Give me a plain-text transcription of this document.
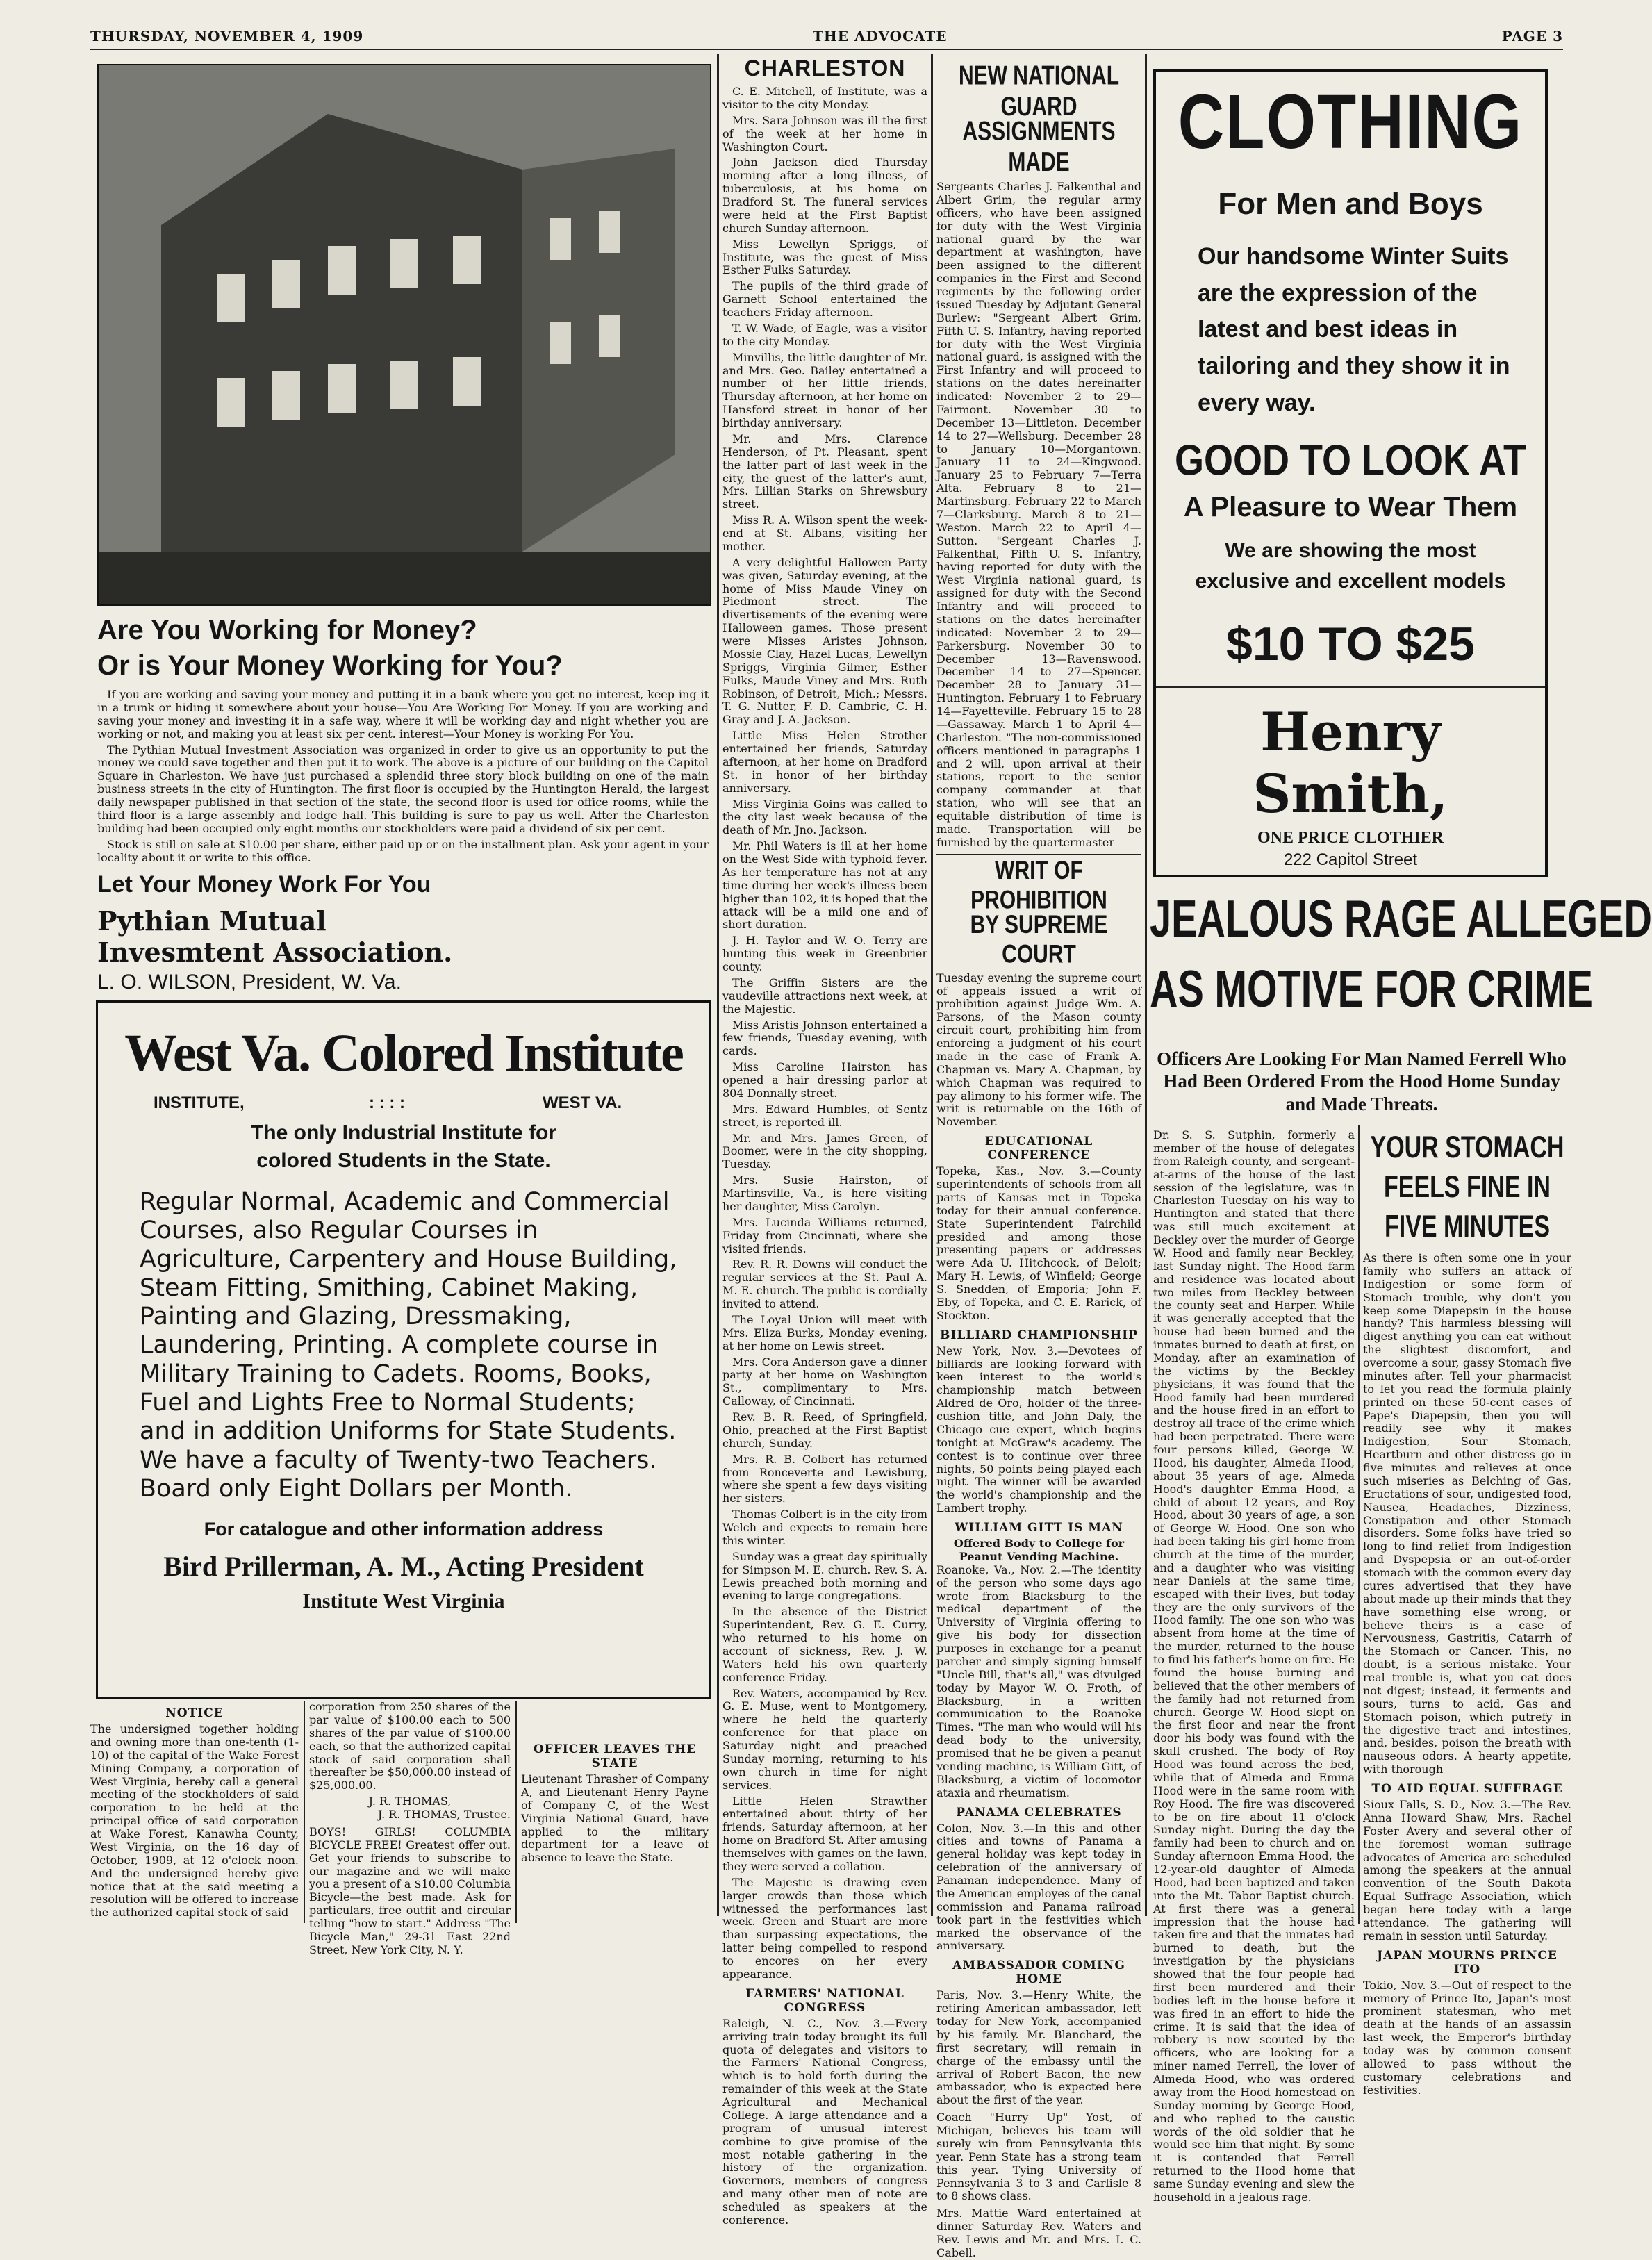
THURSDAY, NOVEMBER 4, 1909	THE ADVOCATE	PAGE 3
Are You Working for Money?
Or is Your Money Working for You?

If you are working and saving your money and putting it in a bank where you get no interest, keep ing it in a trunk or hiding it somewhere about your house—You Are Working For Money. If you are working and saving your money and investing it in a safe way, where it will be working day and night whether you are working or not, and making you at least six per cent. interest—Your Money is working For You.

The Pythian Mutual Investment Association was organized in order to give us an opportunity to put the money we could save together and then put it to work. The above is a picture of our building on the Capitol Square in Charleston. We have just purchased a splendid three story block building on one of the main business streets in the city of Huntington. The first floor is occupied by the Huntington Herald, the largest daily newspaper published in that section of the state, the second floor is used for office rooms, while the third floor is a large assembly and lodge hall. This building is sure to pay us well. After the Charleston building had been occupied only eight months our stockholders were paid a dividend of six per cent.

Stock is still on sale at $10.00 per share, either paid up or on the installment plan. Ask your agent in your locality about it or write to this office.

Let Your Money Work For You
Pythian Mutual
Invesmtent Association.
L. O. WILSON, President, W. Va.
West Va. Colored Institute
INSTITUTE,	: : : :	WEST VA.
The only Industrial Institute for
colored Students in the State.
Regular Normal, Academic and Commercial Courses, also Regular Courses in Agriculture, Carpentery and House Building, Steam Fitting, Smithing, Cabinet Making, Painting and Glazing, Dressmaking, Laundering, Printing. A complete course in Military Training to Cadets. Rooms, Books, Fuel and Lights Free to Normal Students; and in addition Uniforms for State Students. We have a faculty of Twenty-two Teachers. Board only Eight Dollars per Month.
For catalogue and other information address
Bird Prillerman, A. M., Acting President
Institute West Virginia
NOTICE
The undersigned together holding and owning more than one-tenth (1-10) of the capital of the Wake Forest Mining Company, a corporation of West Virginia, hereby call a general meeting of the stockholders of said corporation to be held at the principal office of said corporation at Wake Forest, Kanawha County, West Virginia, on the 16 day of October, 1909, at 12 o'clock noon. And the undersigned hereby give notice that at the said meeting a resolution will be offered to increase the authorized capital stock of said
corporation from 250 shares of the par value of $100.00 each to 500 shares of the par value of $100.00 each, so that the authorized capital stock of said corporation shall thereafter be $50,000.00 instead of $25,000.00.
J. R. THOMAS,
J. R. THOMAS, Trustee.
BOYS! GIRLS! COLUMBIA BICYCLE FREE! Greatest offer out. Get your friends to subscribe to our magazine and we will make you a present of a $10.00 Columbia Bicycle—the best made. Ask for particulars, free outfit and circular telling "how to start." Address "The Bicycle Man," 29-31 East 22nd Street, New York City, N. Y.
OFFICER LEAVES THE STATE
Lieutenant Thrasher of Company A, and Lieutenant Henry Payne of Company C, of the West Virginia National Guard, have applied to the military department for a leave of absence to leave the State.
CHARLESTON

C. E. Mitchell, of Institute, was a visitor to the city Monday.

Mrs. Sara Johnson was ill the first of the week at her home in Washington Court.

John Jackson died Thursday morning after a long illness, of tuberculosis, at his home on Bradford St. The funeral services were held at the First Baptist church Sunday afternoon.

Miss Lewellyn Spriggs, of Institute, was the guest of Miss Esther Fulks Saturday.

The pupils of the third grade of Garnett School entertained the teachers Friday afternoon.

T. W. Wade, of Eagle, was a visitor to the city Monday.

Minvillis, the little daughter of Mr. and Mrs. Geo. Bailey entertained a number of her little friends, Thursday afternoon, at her home on Hansford street in honor of her birthday anniversary.

Mr. and Mrs. Clarence Henderson, of Pt. Pleasant, spent the latter part of last week in the city, the guest of the latter's aunt, Mrs. Lillian Starks on Shrewsbury street.

Miss R. A. Wilson spent the week-end at St. Albans, visiting her mother.

A very delightful Hallowen Party was given, Saturday evening, at the home of Miss Maude Viney on Piedmont street. The divertisements of the evening were Halloween games. Those present were Misses Aristes Johnson, Mossie Clay, Hazel Lucas, Lewellyn Spriggs, Virginia Gilmer, Esther Fulks, Maude Viney and Mrs. Ruth Robinson, of Detroit, Mich.; Messrs. T. G. Nutter, F. D. Cambric, C. H. Gray and J. A. Jackson.

Little Miss Helen Strother entertained her friends, Saturday afternoon, at her home on Bradford St. in honor of her birthday anniversary.

Miss Virginia Goins was called to the city last week because of the death of Mr. Jno. Jackson.

Mr. Phil Waters is ill at her home on the West Side with typhoid fever. As her temperature has not at any time during her week's illness been higher than 102, it is hoped that the attack will be a mild one and of short duration.

J. H. Taylor and W. O. Terry are hunting this week in Greenbrier county.

The Griffin Sisters are the vaudeville attractions next week, at the Majestic.

Miss Aristis Johnson entertained a few friends, Tuesday evening, with cards.

Miss Caroline Hairston has opened a hair dressing parlor at 804 Donnally street.

Mrs. Edward Humbles, of Sentz street, is reported ill.

Mr. and Mrs. James Green, of Boomer, were in the city shopping, Tuesday.

Mrs. Susie Hairston, of Martinsville, Va., is here visiting her daughter, Miss Carolyn.

Mrs. Lucinda Williams returned, Friday from Cincinnati, where she visited friends.

Rev. R. R. Downs will conduct the regular services at the St. Paul A. M. E. church. The public is cordially invited to attend.

The Loyal Union will meet with Mrs. Eliza Burks, Monday evening, at her home on Lewis street.

Mrs. Cora Anderson gave a dinner party at her home on Washington St., complimentary to Mrs. Calloway, of Cincinnati.

Rev. B. R. Reed, of Springfield, Ohio, preached at the First Baptist church, Sunday.

Mrs. R. B. Colbert has returned from Ronceverte and Lewisburg, where she spent a few days visiting her sisters.

Thomas Colbert is in the city from Welch and expects to remain here this winter.

Sunday was a great day spiritually for Simpson M. E. church. Rev. S. A. Lewis preached both morning and evening to large congregations.

In the absence of the District Superintendent, Rev. G. E. Curry, who returned to his home on account of sickness, Rev. J. W. Waters held his own quarterly conference Friday.

Rev. Waters, accompanied by Rev. G. E. Muse, went to Montgomery, where he held the quarterly conference for that place on Saturday night and preached Sunday morning, returning to his own church in time for night services.

Little Helen Strawther entertained about thirty of her friends, Saturday afternoon, at her home on Bradford St. After amusing themselves with games on the lawn, they were served a collation.

The Majestic is drawing even larger crowds than those which witnessed the performances last week. Green and Stuart are more than surpassing expectations, the latter being compelled to respond to encores on her every appearance.

FARMERS' NATIONAL CONGRESS
Raleigh, N. C., Nov. 3.—Every arriving train today brought its full quota of delegates and visitors to the Farmers' National Congress, which is to hold forth during the remainder of this week at the State Agricultural and Mechanical College. A large attendance and a program of unusual interest combine to give promise of the most notable gathering in the history of the organization. Governors, members of congress and many other men of note are scheduled as speakers at the conference.
NEW NATIONAL GUARD
ASSIGNMENTS MADE
Sergeants Charles J. Falkenthal and Albert Grim, the regular army officers, who have been assigned for duty with the West Virginia national guard by the war department at washington, have been assigned to the different companies in the First and Second regiments by the following order issued Tuesday by Adjutant General Burlew: "Sergeant Albert Grim, Fifth U. S. Infantry, having reported for duty with the West Virginia national guard, is assigned with the First Infantry and will proceed to stations on the dates hereinafter indicated: November 2 to 29—Fairmont. November 30 to December 13—Littleton. December 14 to 27—Wellsburg. December 28 to January 10—Morgantown. January 11 to 24—Kingwood. January 25 to February 7—Terra Alta. February 8 to 21—Martinsburg. February 22 to March 7—Clarksburg. March 8 to 21—Weston. March 22 to April 4—Sutton. "Sergeant Charles J. Falkenthal, Fifth U. S. Infantry, having reported for duty with the West Virginia national guard, is assigned for duty with the Second Infantry and will proceed to stations on the dates hereinafter indicated: November 2 to 29—Parkersburg. November 30 to December 13—Ravenswood. December 14 to 27—Spencer. December 28 to January 31—Huntington. February 1 to February 14—Fayetteville. February 15 to 28—Gassaway. March 1 to April 4—Charleston. "The non-commissioned officers mentioned in paragraphs 1 and 2 will, upon arrival at their stations, report to the senior company commander at that station, who will see that an equitable distribution of time is made. Transportation will be furnished by the quartermaster
WRIT OF PROHIBITION
BY SUPREME COURT
Tuesday evening the supreme court of appeals issued a writ of prohibition against Judge Wm. A. Parsons, of the Mason county circuit court, prohibiting him from enforcing a judgment of his court made in the case of Frank A. Chapman vs. Mary A. Chapman, by which Chapman was required to pay alimony to his former wife. The writ is returnable on the 16th of November.
EDUCATIONAL CONFERENCE
Topeka, Kas., Nov. 3.—County superintendents of schools from all parts of Kansas met in Topeka today for their annual conference. State Superintendent Fairchild presided and among those presenting papers or addresses were Ada U. Hitchcock, of Beloit; Mary H. Lewis, of Winfield; George S. Snedden, of Emporia; John F. Eby, of Topeka, and C. E. Rarick, of Stockton.
BILLIARD CHAMPIONSHIP
New York, Nov. 3.—Devotees of billiards are looking forward with keen interest to the world's championship match between Aldred de Oro, holder of the three-cushion title, and John Daly, the Chicago cue expert, which begins tonight at McGraw's academy. The contest is to continue over three nights, 50 points being played each night. The winner will be awarded the world's championship and the Lambert trophy.
WILLIAM GITT IS MAN
Offered Body to College for Peanut Vending Machine.
Roanoke, Va., Nov. 2.—The identity of the person who some days ago wrote from Blacksburg to the medical department of the University of Virginia offering to give his body for dissection purposes in exchange for a peanut parcher and simply signing himself "Uncle Bill, that's all," was divulged today by Mayor W. O. Froth, of Blacksburg, in a written communication to the Roanoke Times. "The man who would will his dead body to the university, promised that he be given a peanut vending machine, is William Gitt, of Blacksburg, a victim of locomotor ataxia and rheumatism.
PANAMA CELEBRATES
Colon, Nov. 3.—In this and other cities and towns of Panama a general holiday was kept today in celebration of the anniversary of Panaman independence. Many of the American employes of the canal commission and Panama railroad took part in the festivities which marked the observance of the anniversary.
AMBASSADOR COMING HOME
Paris, Nov. 3.—Henry White, the retiring American ambassador, left today for New York, accompanied by his family. Mr. Blanchard, the first secretary, will remain in charge of the embassy until the arrival of Robert Bacon, the new ambassador, who is expected here about the first of the year.
Coach "Hurry Up" Yost, of Michigan, believes his team will surely win from Pennsylvania this year. Penn State has a strong team this year. Tying University of Pennsylvania 3 to 3 and Carlisle 8 to 8 shows class.
Mrs. Mattie Ward entertained at dinner Saturday Rev. Waters and Rev. Lewis and Mr. and Mrs. I. C. Cabell.
CLOTHING
For Men and Boys
Our handsome Winter Suits are the expression of the latest and best ideas in tailoring and they show it in every way.
GOOD TO LOOK AT
A Pleasure to Wear Them
We are showing the most exclusive and excellent models
$10 TO $25
Henry Smith,
ONE PRICE CLOTHIER
222 Capitol Street
JEALOUS RAGE ALLEGED
AS MOTIVE FOR CRIME
Officers Are Looking For Man Named Ferrell Who Had Been Ordered From the Hood Home Sunday and Made Threats.
Dr. S. S. Sutphin, formerly a member of the house of delegates from Raleigh county, and sergeant-at-arms of the house of the last session of the legislature, was in Charleston Tuesday on his way to Huntington and stated that there was still much excitement at Beckley over the murder of George W. Hood and family near Beckley, last Sunday night. The Hood farm and residence was located about two miles from Beckley between the county seat and Harper. While it was generally accepted that the house had been burned and the inmates burned to death at first, on Monday, after an examination of the victims by the Beckley physicians, it was found that the Hood family had been murdered and the house fired in an effort to destroy all trace of the crime which had been perpetrated. There were four persons killed, George W. Hood, his daughter, Almeda Hood, about 35 years of age, Almeda Hood's daughter Emma Hood, a child of about 12 years, and Roy Hood, about 30 years of age, a son of George W. Hood. One son who had been taking his girl home from church at the time of the murder, and a daughter who was visiting near Daniels at the same time, escaped with their lives, but today they are the only survivors of the Hood family. The one son who was absent from home at the time of the murder, returned to the house to find his father's home on fire. He found the house burning and believed that the other members of the family had not returned from church. George W. Hood slept on the first floor and near the front door his body was found with the skull crushed. The body of Roy Hood was found across the bed, while that of Almeda and Emma Hood were in the same room with Roy Hood. The fire was discovered to be on fire about 11 o'clock Sunday night. During the day the family had been to church and on Sunday afternoon Emma Hood, the 12-year-old daughter of Almeda Hood, had been baptized and taken into the Mt. Tabor Baptist church. At first there was a general impression that the house had taken fire and that the inmates had burned to death, but the investigation by the physicians showed that the four people had first been murdered and their bodies left in the house before it was fired in an effort to hide the crime. It is said that the idea of robbery is now scouted by the officers, who are looking for a miner named Ferrell, the lover of Almeda Hood, who was ordered away from the Hood homestead on Sunday morning by George Hood, and who replied to the caustic words of the old soldier that he would see him that night. By some it is contended that Ferrell returned to the Hood home that same Sunday evening and slew the household in a jealous rage.
YOUR STOMACH
FEELS FINE IN
FIVE MINUTES
As there is often some one in your family who suffers an attack of Indigestion or some form of Stomach trouble, why don't you keep some Diapepsin in the house handy? This harmless blessing will digest anything you can eat without the slightest discomfort, and overcome a sour, gassy Stomach five minutes after. Tell your pharmacist to let you read the formula plainly printed on these 50-cent cases of Pape's Diapepsin, then you will readily see why it makes Indigestion, Sour Stomach, Heartburn and other distress go in five minutes and relieves at once such miseries as Belching of Gas, Eructations of sour, undigested food, Nausea, Headaches, Dizziness, Constipation and other Stomach disorders. Some folks have tried so long to find relief from Indigestion and Dyspepsia or an out-of-order stomach with the common every day cures advertised that they have about made up their minds that they have something else wrong, or believe theirs is a case of Nervousness, Gastritis, Catarrh of the Stomach or Cancer. This, no doubt, is a serious mistake. Your real trouble is, what you eat does not digest; instead, it ferments and sours, turns to acid, Gas and Stomach poison, which putrefy in the digestive tract and intestines, and, besides, poison the breath with nauseous odors. A hearty appetite, with thorough
TO AID EQUAL SUFFRAGE
Sioux Falls, S. D., Nov. 3.—The Rev. Anna Howard Shaw, Mrs. Rachel Foster Avery and several other of the foremost woman suffrage advocates of America are scheduled among the speakers at the annual convention of the South Dakota Equal Suffrage Association, which began here today with a large attendance. The gathering will remain in session until Saturday.
JAPAN MOURNS PRINCE ITO
Tokio, Nov. 3.—Out of respect to the memory of Prince Ito, Japan's most prominent statesman, who met death at the hands of an assassin last week, the Emperor's birthday today was by common consent allowed to pass without the customary celebrations and festivities.
